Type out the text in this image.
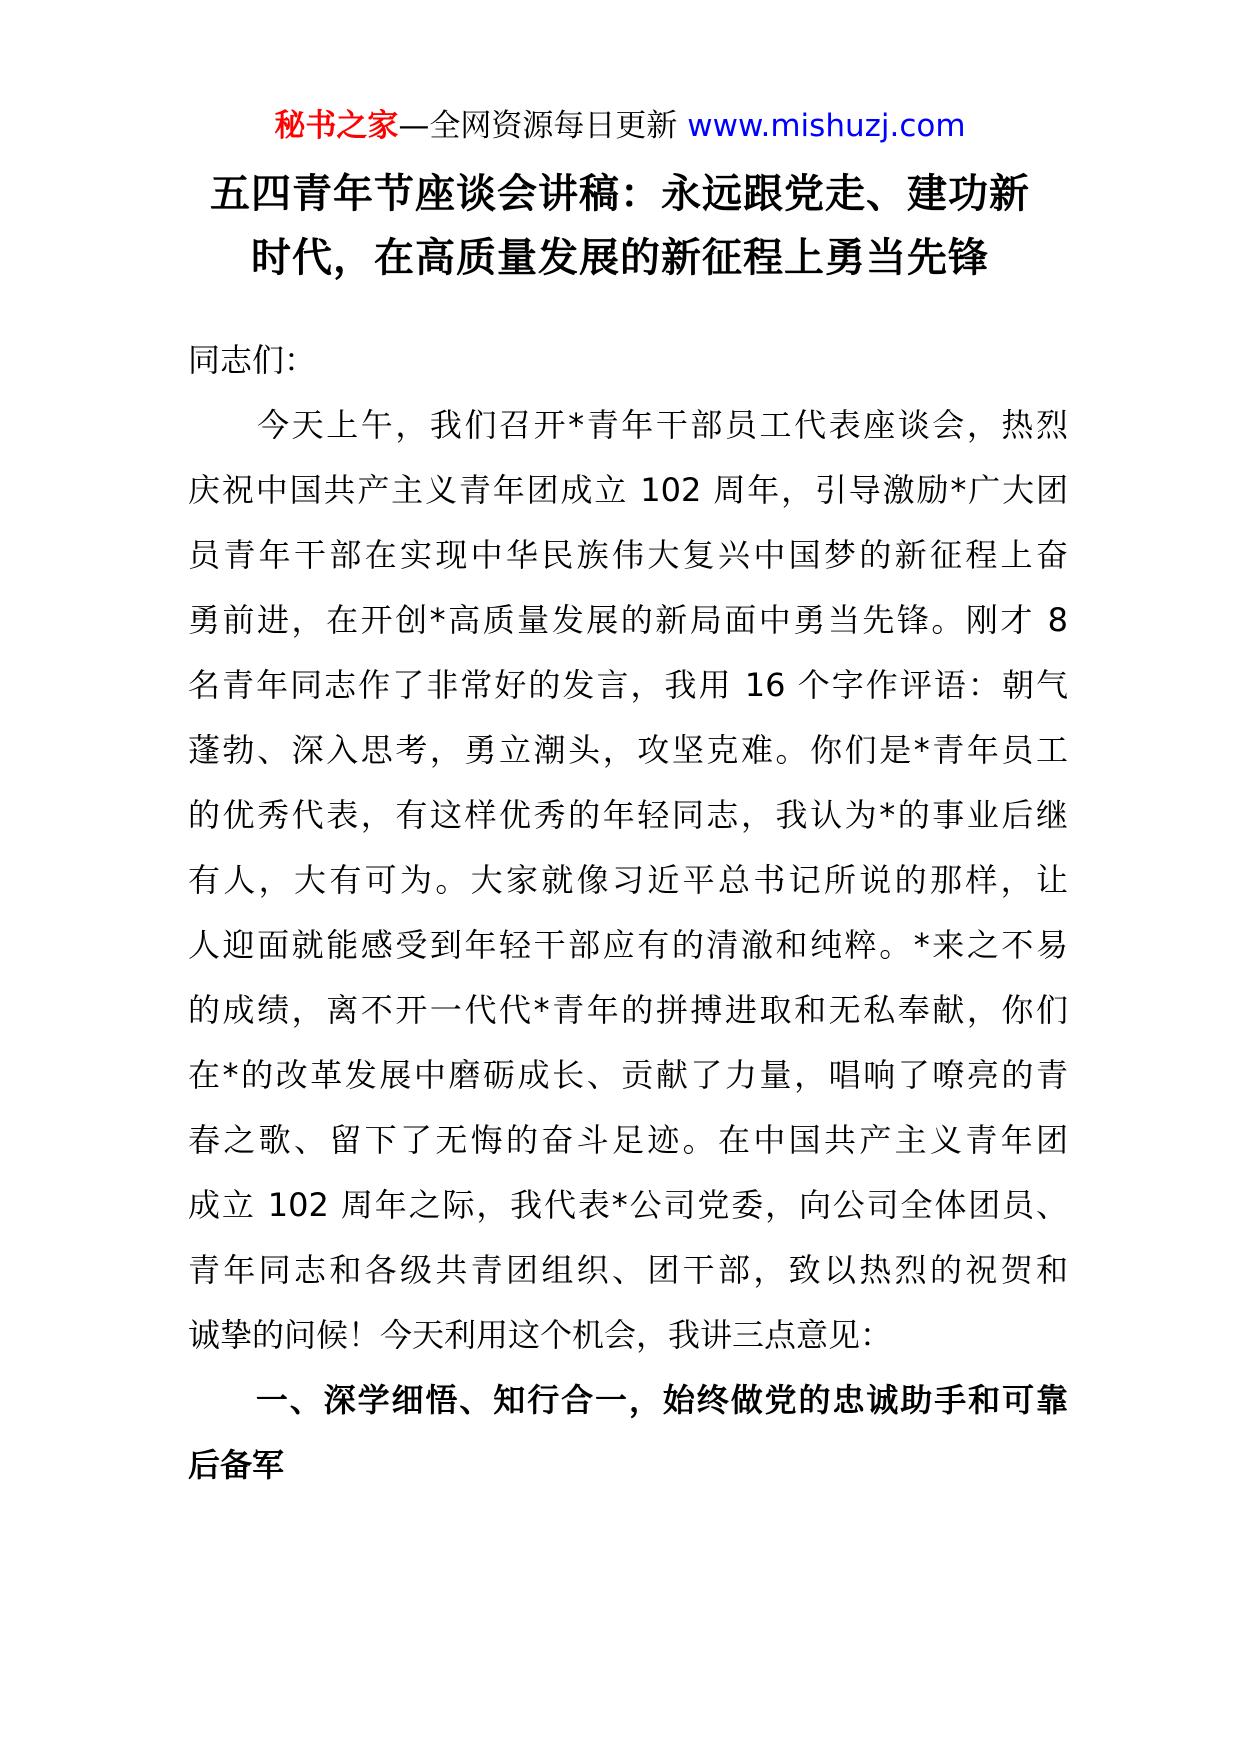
秘书之家—全网资源每日更新 www.mishuzj.com
五四青年节座谈会讲稿：永远跟党走、建功新
时代，在高质量发展的新征程上勇当先锋
同志们：
　　今天上午，我们召开*青年干部员工代表座谈会，热烈
庆祝中国共产主义青年团成立 102 周年，引导激励*广大团
员青年干部在实现中华民族伟大复兴中国梦的新征程上奋
勇前进，在开创*高质量发展的新局面中勇当先锋。刚才 8
名青年同志作了非常好的发言，我用 16 个字作评语：朝气
蓬勃、深入思考，勇立潮头，攻坚克难。你们是*青年员工
的优秀代表，有这样优秀的年轻同志，我认为*的事业后继
有人，大有可为。大家就像习近平总书记所说的那样，让
人迎面就能感受到年轻干部应有的清澈和纯粹。*来之不易
的成绩，离不开一代代*青年的拼搏进取和无私奉献，你们
在*的改革发展中磨砺成长、贡献了力量，唱响了嘹亮的青
春之歌、留下了无悔的奋斗足迹。在中国共产主义青年团
成立 102 周年之际，我代表*公司党委，向公司全体团员、
青年同志和各级共青团组织、团干部，致以热烈的祝贺和
诚挚的问候！今天利用这个机会，我讲三点意见：
　　一、深学细悟、知行合一，始终做党的忠诚助手和可靠
后备军
